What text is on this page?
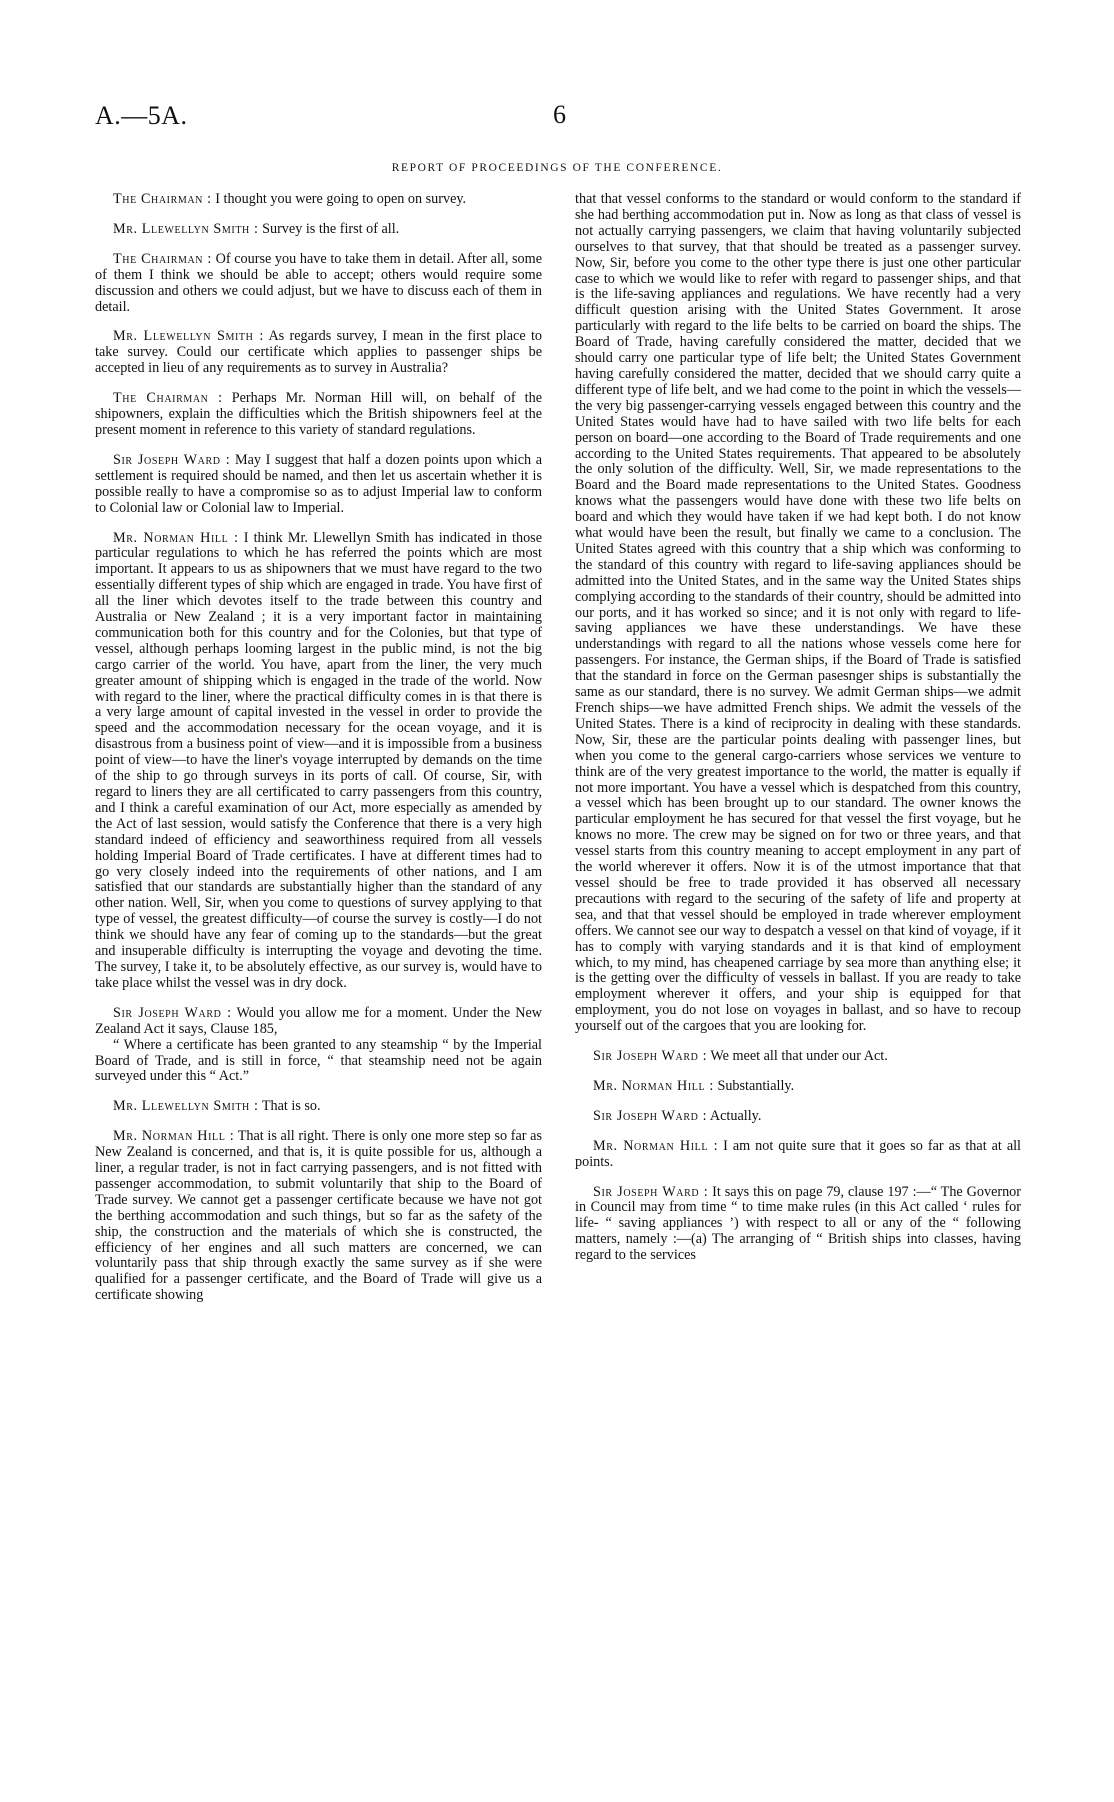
A.—5A.	6
REPORT OF PROCEEDINGS OF THE CONFERENCE.

The Chairman : I thought you were going to open on survey.

Mr. Llewellyn Smith : Survey is the first of all.

The Chairman : Of course you have to take them in detail. After all, some of them I think we should be able to accept; others would require some discussion and others we could adjust, but we have to discuss each of them in detail.

Mr. Llewellyn Smith : As regards survey, I mean in the first place to take survey. Could our certificate which applies to passenger ships be accepted in lieu of any requirements as to survey in Australia?

The Chairman : Perhaps Mr. Norman Hill will, on behalf of the shipowners, explain the difficulties which the British shipowners feel at the present moment in reference to this variety of standard regulations.

Sir Joseph Ward : May I suggest that half a dozen points upon which a settlement is required should be named, and then let us ascertain whether it is possible really to have a compromise so as to adjust Imperial law to conform to Colonial law or Colonial law to Imperial.

Mr. Norman Hill : I think Mr. Llewellyn Smith has indicated in those particular regulations to which he has referred the points which are most important. It appears to us as shipowners that we must have regard to the two essentially different types of ship which are engaged in trade. You have first of all the liner which devotes itself to the trade between this country and Australia or New Zealand ; it is a very important factor in maintaining communication both for this country and for the Colonies, but that type of vessel, although perhaps looming largest in the public mind, is not the big cargo carrier of the world. You have, apart from the liner, the very much greater amount of shipping which is engaged in the trade of the world. Now with regard to the liner, where the practical difficulty comes in is that there is a very large amount of capital invested in the vessel in order to provide the speed and the accommodation necessary for the ocean voyage, and it is disastrous from a business point of view—and it is impossible from a business point of view—to have the liner's voyage interrupted by demands on the time of the ship to go through surveys in its ports of call. Of course, Sir, with regard to liners they are all certificated to carry passengers from this country, and I think a careful examination of our Act, more especially as amended by the Act of last session, would satisfy the Conference that there is a very high standard indeed of efficiency and seaworthiness required from all vessels holding Imperial Board of Trade certificates. I have at different times had to go very closely indeed into the requirements of other nations, and I am satisfied that our standards are substantially higher than the standard of any other nation. Well, Sir, when you come to questions of survey applying to that type of vessel, the greatest difficulty—of course the survey is costly—I do not think we should have any fear of coming up to the standards—but the great and insuperable difficulty is interrupting the voyage and devoting the time. The survey, I take it, to be absolutely effective, as our survey is, would have to take place whilst the vessel was in dry dock.

Sir Joseph Ward : Would you allow me for a moment. Under the New Zealand Act it says, Clause 185,
“ Where a certificate has been granted to any steamship “ by the Imperial Board of Trade, and is still in force, “ that steamship need not be again surveyed under this “ Act.”

Mr. Llewellyn Smith : That is so.

Mr. Norman Hill : That is all right. There is only one more step so far as New Zealand is concerned, and that is, it is quite possible for us, although a liner, a regular trader, is not in fact carrying passengers, and is not fitted with passenger accommodation, to submit voluntarily that ship to the Board of Trade survey. We cannot get a passenger certificate because we have not got the berthing accommodation and such things, but so far as the safety of the ship, the construction and the materials of which she is constructed, the efficiency of her engines and all such matters are concerned, we can voluntarily pass that ship through exactly the same survey as if she were qualified for a passenger certificate, and the Board of Trade will give us a certificate showing

that that vessel conforms to the standard or would conform to the standard if she had berthing accommodation put in. Now as long as that class of vessel is not actually carrying passengers, we claim that having voluntarily subjected ourselves to that survey, that that should be treated as a passenger survey. Now, Sir, before you come to the other type there is just one other particular case to which we would like to refer with regard to passenger ships, and that is the life-saving appliances and regulations. We have recently had a very difficult question arising with the United States Government. It arose particularly with regard to the life belts to be carried on board the ships. The Board of Trade, having carefully considered the matter, decided that we should carry one particular type of life belt; the United States Government having carefully considered the matter, decided that we should carry quite a different type of life belt, and we had come to the point in which the vessels—the very big passenger-carrying vessels engaged between this country and the United States would have had to have sailed with two life belts for each person on board—one according to the Board of Trade requirements and one according to the United States requirements. That appeared to be absolutely the only solution of the difficulty. Well, Sir, we made representations to the Board and the Board made representations to the United States. Goodness knows what the passengers would have done with these two life belts on board and which they would have taken if we had kept both. I do not know what would have been the result, but finally we came to a conclusion. The United States agreed with this country that a ship which was conforming to the standard of this country with regard to life-saving appliances should be admitted into the United States, and in the same way the United States ships complying according to the standards of their country, should be admitted into our ports, and it has worked so since; and it is not only with regard to life-saving appliances we have these understandings. We have these understandings with regard to all the nations whose vessels come here for passengers. For instance, the German ships, if the Board of Trade is satisfied that the standard in force on the German pasesnger ships is substantially the same as our standard, there is no survey. We admit German ships—we admit French ships—we have admitted French ships. We admit the vessels of the United States. There is a kind of reciprocity in dealing with these standards. Now, Sir, these are the particular points dealing with passenger lines, but when you come to the general cargo-carriers whose services we venture to think are of the very greatest importance to the world, the matter is equally if not more important. You have a vessel which is despatched from this country, a vessel which has been brought up to our standard. The owner knows the particular employment he has secured for that vessel the first voyage, but he knows no more. The crew may be signed on for two or three years, and that vessel starts from this country meaning to accept employment in any part of the world wherever it offers. Now it is of the utmost importance that that vessel should be free to trade provided it has observed all necessary precautions with regard to the securing of the safety of life and property at sea, and that that vessel should be employed in trade wherever employment offers. We cannot see our way to despatch a vessel on that kind of voyage, if it has to comply with varying standards and it is that kind of employment which, to my mind, has cheapened carriage by sea more than anything else; it is the getting over the difficulty of vessels in ballast. If you are ready to take employment wherever it offers, and your ship is equipped for that employment, you do not lose on voyages in ballast, and so have to recoup yourself out of the cargoes that you are looking for.

Sir Joseph Ward : We meet all that under our Act.

Mr. Norman Hill : Substantially.

Sir Joseph Ward : Actually.

Mr. Norman Hill : I am not quite sure that it goes so far as that at all points.

Sir Joseph Ward : It says this on page 79, clause 197 :—“ The Governor in Council may from time “ to time make rules (in this Act called ‘ rules for life- “ saving appliances ’) with respect to all or any of the “ following matters, namely :—(a) The arranging of “ British ships into classes, having regard to the services
